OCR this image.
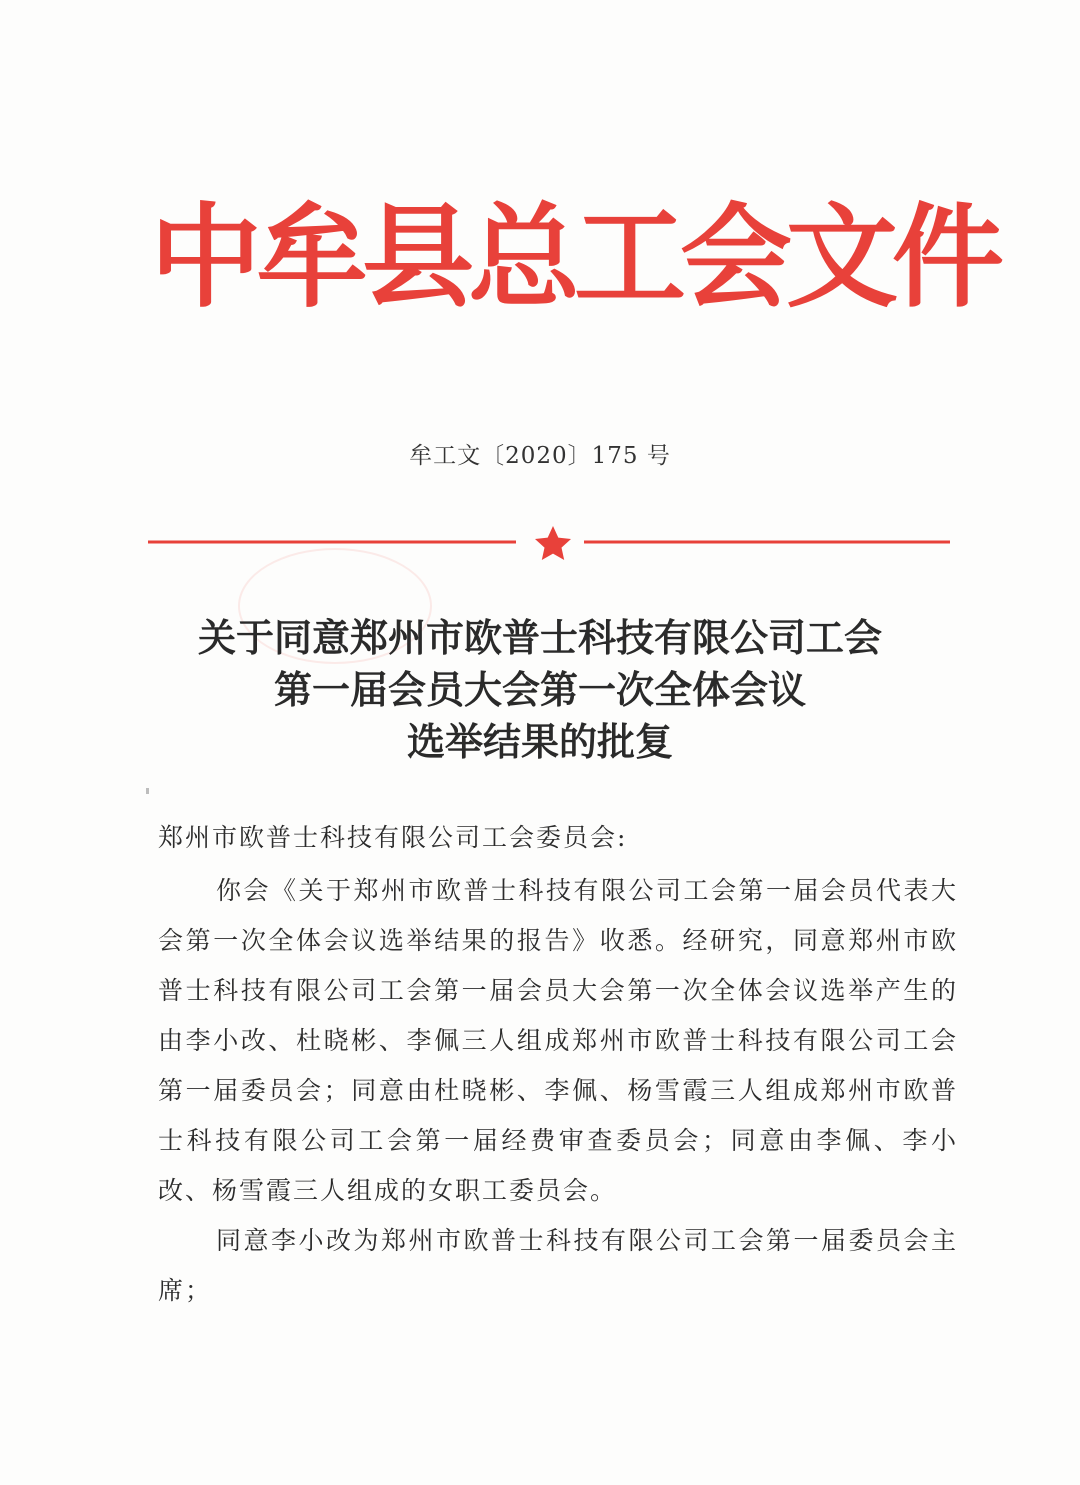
中牟县总工会文件
牟工文〔2020〕175 号
关于同意郑州市欧普士科技有限公司工会
第一届会员大会第一次全体会议
选举结果的批复
郑州市欧普士科技有限公司工会委员会:

你会《关于郑州市欧普士科技有限公司工会第一届会员代表大会第一次全体会议选举结果的报告》收悉。经研究，同意郑州市欧普士科技有限公司工会第一届会员大会第一次全体会议选举产生的由李小改、杜晓彬、李佩三人组成郑州市欧普士科技有限公司工会第一届委员会；同意由杜晓彬、李佩、杨雪霞三人组成郑州市欧普士科技有限公司工会第一届经费审查委员会；同意由李佩、李小改、杨雪霞三人组成的女职工委员会。

同意李小改为郑州市欧普士科技有限公司工会第一届委员会主席；
